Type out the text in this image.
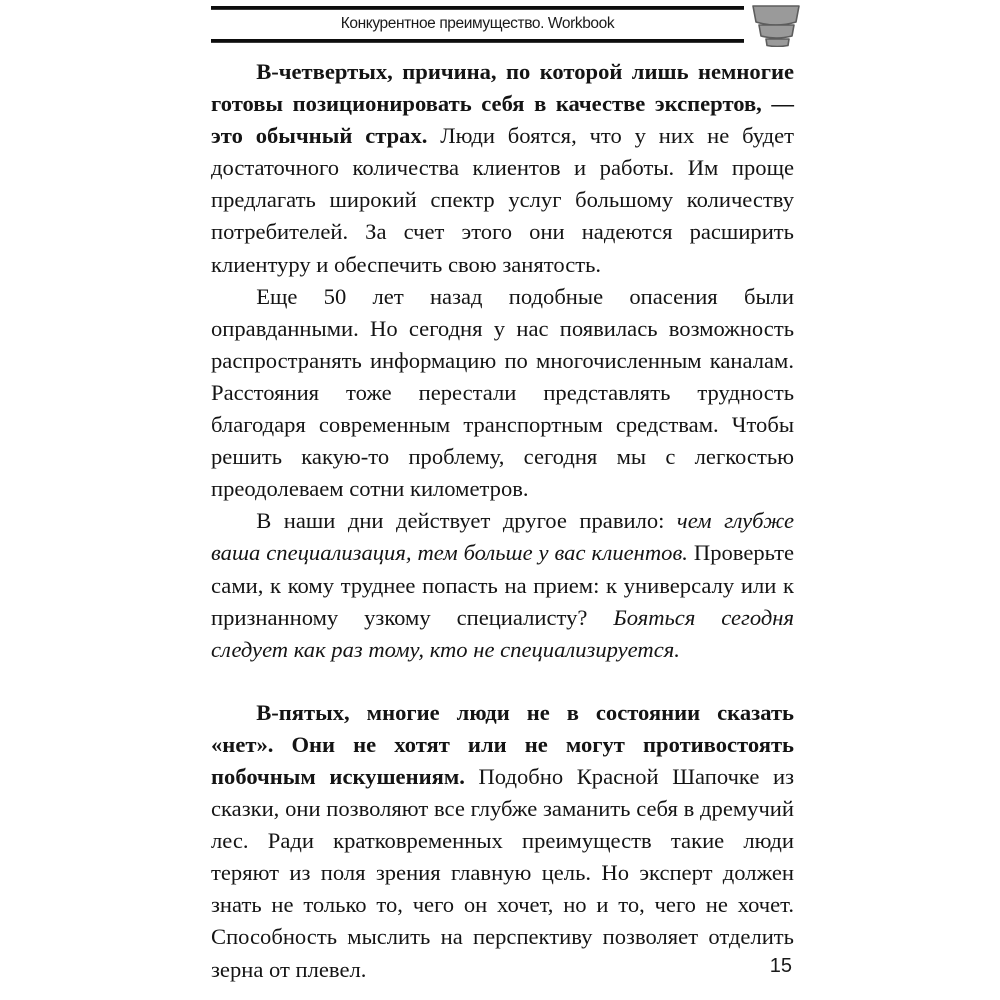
Конкурентное преимущество. Workbook

В-четвертых, причина, по которой лишь немногие готовы позиционировать себя в качестве экспертов, — это обычный страх. Люди боятся, что у них не будет достаточного количества клиентов и работы. Им проще предлагать широкий спектр услуг большому количеству потребителей. За счет этого они надеются расширить клиентуру и обеспечить свою занятость.

Еще 50 лет назад подобные опасения были оправданными. Но сегодня у нас появилась возможность распространять информацию по многочисленным каналам. Расстояния тоже перестали представлять трудность благодаря современным транспортным средствам. Чтобы решить какую-то проблему, сегодня мы с легкостью преодолеваем сотни километров.

В наши дни действует другое правило: чем глубже ваша специализация, тем больше у вас клиентов. Проверьте сами, к кому труднее попасть на прием: к универсалу или к признанному узкому специалисту? Бояться сегодня следует как раз тому, кто не специализируется.

В-пятых, многие люди не в состоянии сказать «нет». Они не хотят или не могут противостоять побочным искушениям. Подобно Красной Шапочке из сказки, они позволяют все глубже заманить себя в дремучий лес. Ради кратковременных преимуществ такие люди теряют из поля зрения главную цель. Но эксперт должен знать не только то, чего он хочет, но и то, чего не хочет. Способность мыслить на перспективу позволяет отделить зерна от плевел.	15
